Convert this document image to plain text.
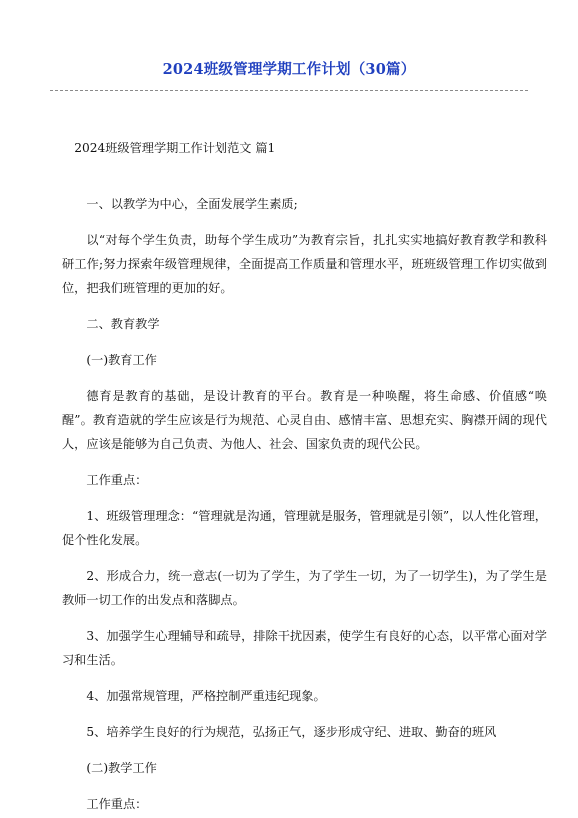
2024班级管理学期工作计划（30篇）

2024班级管理学期工作计划范文 篇1

一、以教学为中心，全面发展学生素质;

以“对每个学生负责，助每个学生成功”为教育宗旨，扎扎实实地搞好教育教学和教科研工作;努力探索年级管理规律，全面提高工作质量和管理水平，班班级管理工作切实做到位，把我们班管理的更加的好。

二、教育教学

(一)教育工作

德育是教育的基础，是设计教育的平台。教育是一种唤醒，将生命感、价值感“唤醒”。教育造就的学生应该是行为规范、心灵自由、感情丰富、思想充实、胸襟开阔的现代人，应该是能够为自己负责、为他人、社会、国家负责的现代公民。

工作重点：

1、班级管理理念：“管理就是沟通，管理就是服务，管理就是引领”，以人性化管理，促个性化发展。

2、形成合力，统一意志(一切为了学生，为了学生一切，为了一切学生)，为了学生是教师一切工作的出发点和落脚点。

3、加强学生心理辅导和疏导，排除干扰因素，使学生有良好的心态，以平常心面对学习和生活。

4、加强常规管理，严格控制严重违纪现象。

5、培养学生良好的行为规范，弘扬正气，逐步形成守纪、进取、勤奋的班风

(二)教学工作

工作重点：
